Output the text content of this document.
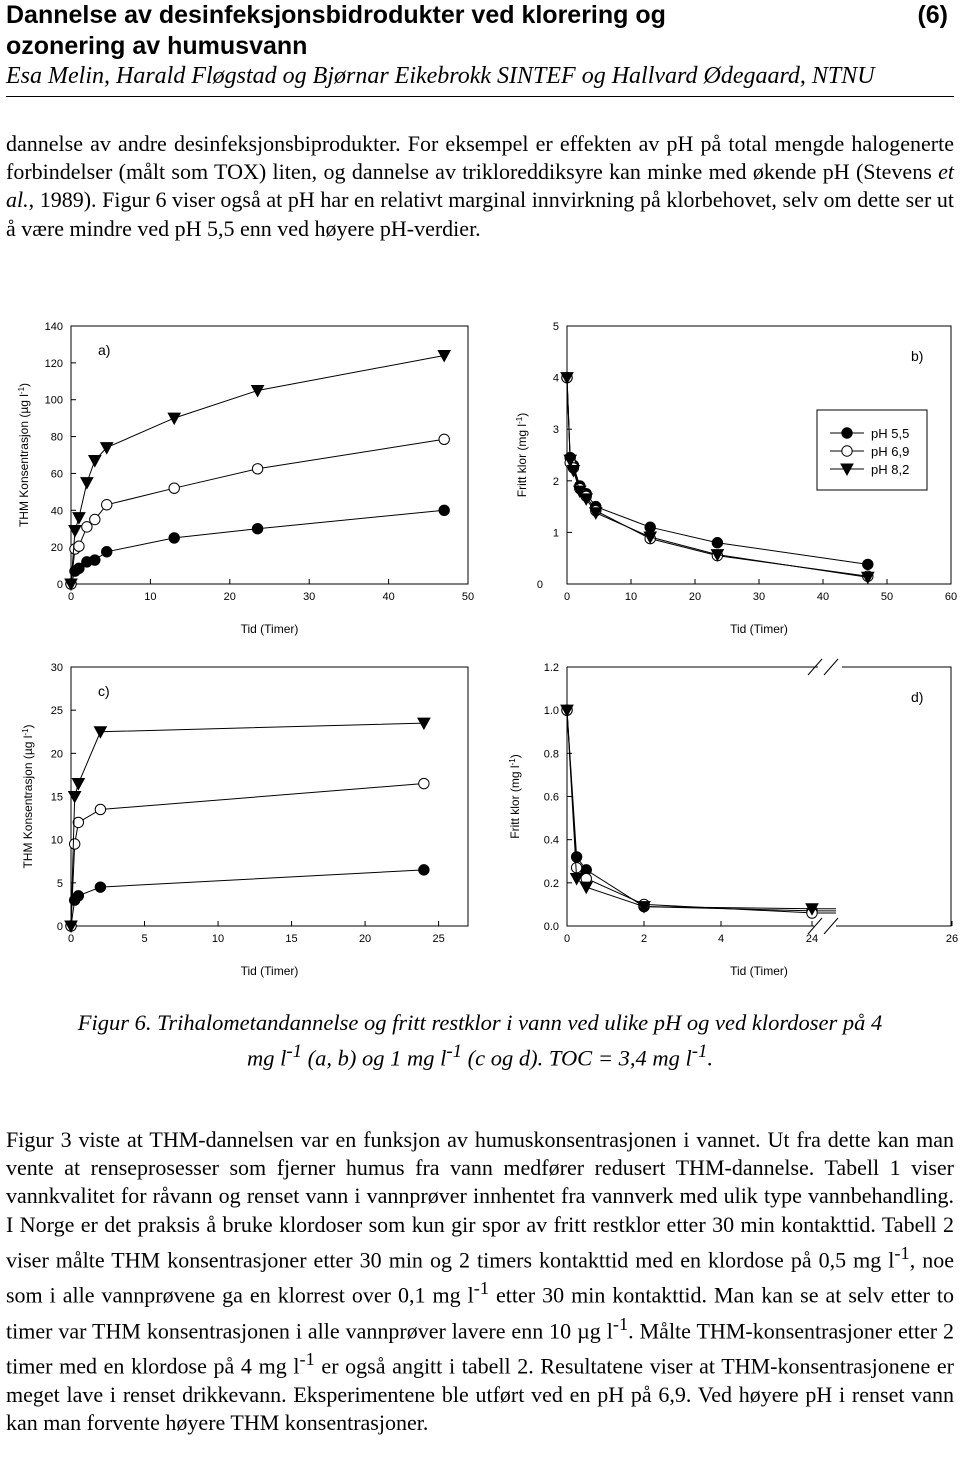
Dannelse av desinfeksjonsbidrodukter ved klorering og
ozonering av humusvann
(6)
Esa Melin, Harald Fløgstad og Bjørnar Eikebrokk SINTEF og Hallvard Ødegaard, NTNU
dannelse av andre desinfeksjonsbiprodukter. For eksempel er effekten av pH på total mengde halogenerte forbindelser (målt som TOX) liten, og dannelse av trikloreddiksyre kan minke med økende pH (Stevens et al., 1989). Figur 6 viser også at pH har en relativt marginal innvirkning på klorbehovet, selv om dette ser ut å være mindre ved pH 5,5 enn ved høyere pH-verdier.
0
20
40
60
80
100
120
140
0	10	20	30	40	50
Tid (Timer)
THM Konsentrasjon (µg $l^{-1}$)
a)
0
1
2
3
4
5
0	10	20	30	40	50	60
Tid (Timer)
Fritt klor (mg $l^{-1}$)
b)
pH 5,5
pH 6,9
pH 8,2
0
5
10
15
20
25
30
0	5	10	15	20	25
Tid (Timer)
THM Konsentrasjon (µg $l^{-1}$)
c)
0.0
0.2
0.4
0.6
0.8
1.0
1.2
0	2	4	24	26
Tid (Timer)
Fritt klor (mg $l^{-1}$)
d)
Figur 6. Trihalometandannelse og fritt restklor i vann ved ulike pH og ved klordoser på 4
mg $l^{-1}$ (a, b) og 1 mg $l^{-1}$ (c og d). TOC = 3,4 mg $l^{-1}$.
Figur 3 viste at THM-dannelsen var en funksjon av humuskonsentrasjonen i vannet. Ut fra dette kan man vente at renseprosesser som fjerner humus fra vann medfører redusert THM-dannelse. Tabell 1 viser vannkvalitet for råvann og renset vann i vannprøver innhentet fra vannverk med ulik type vannbehandling. I Norge er det praksis å bruke klordoser som kun gir spor av fritt restklor etter 30 min kontakttid. Tabell 2 viser målte THM konsentrasjoner etter 30 min og 2 timers kontakttid med en klordose på 0,5 mg $l^{-1}$, noe som i alle vannprøvene ga en klorrest over 0,1 mg $l^{-1}$ etter 30 min kontakttid. Man kan se at selv etter to timer var THM konsentrasjonen i alle vannprøver lavere enn 10 µg $l^{-1}$. Målte THM-konsentrasjoner etter 2 timer med en klordose på 4 mg $l^{-1}$ er også angitt i tabell 2. Resultatene viser at THM-konsentrasjonene er meget lave i renset drikkevann. Eksperimentene ble utført ved en pH på 6,9. Ved høyere pH i renset vann kan man forvente høyere THM konsentrasjoner.
